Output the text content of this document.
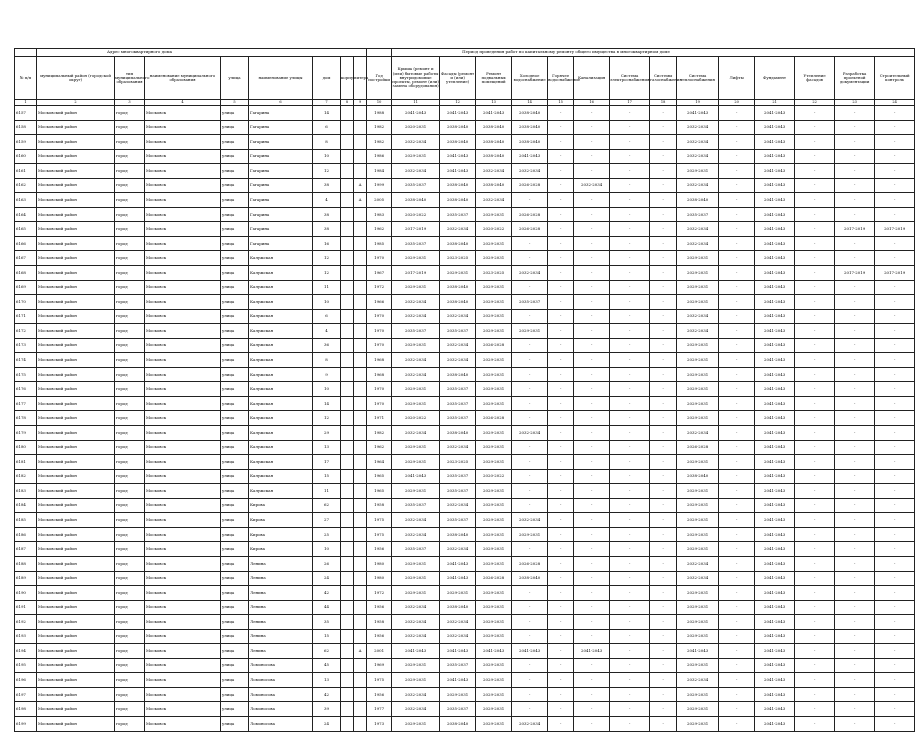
	Адрес многоквартирного дома									Период проведения работ по капитальному ремонту общего имущества в многоквартирном доме													
№ п/п	муниципальный район (городской округ)	тип муниципального образования	наименование муниципального образования	улица	наименование улицы	дом	корпус	литера	Год постройки	Крыша (ремонт и (или) бытовые работы внутридомовые проекты, ремонт (или) замена оборудования)	Фасады (ремонт и (или) утепление)	Ремонт подвальных помещений	Холодное водоснабжение	Горячее водоснабжение	Канализация	Система электроснабжения	Системы газоснабжения	Система теплоснабжения	Лифты	Фундамент	Утепление фасадов	Разработка проектной документации	Строительный контроль
1	2	3	4	5	6	7	8	9	10	11	12	13	14	15	16	17	18	19	20	21	22	23	24
6157	Московский район	город	Московск	улица	Гагарина	14			1988	2041-2043	2041-2043	2041-2043	2038-2040	-	-	-	-	2041-2043	-	2041-2043	-	-	-
6158	Московский район	город	Московск	улица	Гагарина	6			1982	2020-2031	2038-2040	2038-2040	2038-2040	-	-	-	-	2032-2034	-	2041-2043	-	-	-
6159	Московский район	город	Московск	улица	Гагарина	8			1982	2032-2034	2038-2040	2038-2040	2038-2040	-	-	-	-	2032-2034	-	2041-2043	-	-	-
6160	Московский район	город	Московск	улица	Гагарина	10			1986	2029-2031	2041-2043	2038-2040	2041-2043	-	-	-	-	2032-2034	-	2041-2043	-	-	-
6161	Московский район	город	Московск	улица	Гагарина	12			1984	2032-2034	2041-2043	2032-2034	2032-2034	-	-	-	-	2029-2031	-	2041-2043	-	-	-
6162	Московский район	город	Московск	улица	Гагарина	38		А	1999	2035-2037	2038-2040	2038-2040	2026-2028	-	2032-2034	-	-	2032-2034	-	2041-2043	-	-	-
6163	Московский район	город	Московск	улица	Гагарина	4		А	2005	2038-2040	2038-2040	2032-2034	-	-	-	-	-	2038-2040	-	2041-2043	-	-	-
6164	Московский район	город	Московск	улица	Гагарина	38			1983	2020-2022	2035-2037	2029-2031	2026-2028	-	-	-	-	2035-2037	-	2041-2043	-	-	-
6165	Московский район	город	Московск	улица	Гагарина	38			1962	2017-2019	2032-2034	2020-2022	2026-2028	-	-	-	-	2032-2034	-	2041-2043	-	2017-2019	2017-2019
6166	Московский район	город	Московск	улица	Гагарина	16			1985	2035-2037	2038-2040	2029-2031	-	-	-	-	-	2032-2034	-	2041-2043	-	-	-
6167	Московский район	город	Московск	улица	Калужская	12			1970	2029-2031	2023-2025	2029-2031	-	-	-	-	-	2029-2031	-	2041-2043	-	-	-
6168	Московский район	город	Московск	улица	Калужская	12			1967	2017-2019	2029-2031	2023-2025	2032-2034	-	-	-	-	2029-2031	-	2041-2043	-	2017-2019	2017-2019
6169	Московский район	город	Московск	улица	Калужская	11			1972	2029-2031	2038-2040	2029-2031	-	-	-	-	-	2029-2031	-	2041-2043	-	-	-
6170	Московский район	город	Московск	улица	Калужская	10			1966	2032-2034	2038-2040	2029-2031	2035-2037	-	-	-	-	2029-2031	-	2041-2043	-	-	-
6171	Московский район	город	Московск	улица	Калужская	6			1970	2032-2034	2032-2034	2029-2031	-	-	-	-	-	2032-2034	-	2041-2043	-	-	-
6172	Московский район	город	Московск	улица	Калужская	4			1970	2035-2037	2035-2037	2029-2031	2029-2031	-	-	-	-	2032-2034	-	2041-2043	-	-	-
6173	Московский район	город	Московск	улица	Калужская	36			1970	2029-2031	2032-2034	2026-2028	-	-	-	-	-	2029-2031	-	2041-2043	-	-	-
6174	Московский район	город	Московск	улица	Калужская	8			1968	2032-2034	2032-2034	2029-2031	-	-	-	-	-	2029-2031	-	2041-2043	-	-	-
6175	Московский район	город	Московск	улица	Калужская	9			1968	2032-2034	2038-2040	2029-2031	-	-	-	-	-	2029-2031	-	2041-2043	-	-	-
6176	Московский район	город	Московск	улица	Калужская	10			1970	2029-2031	2035-2037	2029-2031	-	-	-	-	-	2029-2031	-	2041-2043	-	-	-
6177	Московский район	город	Московск	улица	Калужская	14			1970	2029-2031	2035-2037	2029-2031	-	-	-	-	-	2029-2031	-	2041-2043	-	-	-
6178	Московский район	город	Московск	улица	Калужская	12			1971	2020-2022	2035-2037	2026-2028	-	-	-	-	-	2029-2031	-	2041-2043	-	-	-
6179	Московский район	город	Московск	улица	Калужская	29			1982	2032-2034	2038-2040	2029-2031	2032-2034	-	-	-	-	2032-2034	-	2041-2043	-	-	-
6180	Московский район	город	Московск	улица	Калужская	13			1962	2029-2031	2032-2034	2029-2031	-	-	-	-	-	2026-2028	-	2041-2043	-	-	-
6181	Московский район	город	Московск	улица	Калужская	17			1964	2029-2031	2023-2025	2029-2031	-	-	-	-	-	2029-2031	-	2041-2043	-	-	-
6182	Московский район	город	Московск	улица	Калужская	15			1965	2041-2043	2035-2037	2020-2022	-	-	-	-	-	2038-2040	-	2041-2043	-	-	-
6183	Московский район	город	Московск	улица	Калужская	11			1965	2029-2031	2035-2037	2029-2031	-	-	-	-	-	2029-2031	-	2041-2043	-	-	-
6184	Московский район	город	Московск	улица	Кирова	62			1958	2035-2037	2032-2034	2029-2031	-	-	-	-	-	2029-2031	-	2041-2043	-	-	-
6185	Московский район	город	Московск	улица	Кирова	27			1975	2032-2034	2035-2037	2029-2031	2032-2034	-	-	-	-	2029-2031	-	2041-2043	-	-	-
6186	Московский район	город	Московск	улица	Кирова	25			1975	2032-2034	2038-2040	2029-2031	2029-2031	-	-	-	-	2029-2031	-	2041-2043	-	-	-
6187	Московский район	город	Московск	улица	Кирова	10			1956	2035-2037	2032-2034	2029-2031	-	-	-	-	-	2029-2031	-	2041-2043	-	-	-
6188	Московский район	город	Московск	улица	Ленина	26			1980	2029-2031	2041-2043	2029-2031	2026-2028	-	-	-	-	2032-2034	-	2041-2043	-	-	-
6189	Московский район	город	Московск	улица	Ленина	24			1980	2029-2031	2041-2043	2026-2028	2038-2040	-	-	-	-	2032-2034	-	2041-2043	-	-	-
6190	Московский район	город	Московск	улица	Ленина	42			1972	2029-2031	2029-2031	2029-2031	-	-	-	-	-	2029-2031	-	2041-2043	-	-	-
6191	Московский район	город	Московск	улица	Ленина	44			1956	2032-2034	2038-2040	2029-2031	-	-	-	-	-	2029-2031	-	2041-2043	-	-	-
6192	Московский район	город	Московск	улица	Ленина	35			1958	2032-2034	2032-2034	2029-2031	-	-	-	-	-	2029-2031	-	2041-2043	-	-	-
6193	Московский район	город	Московск	улица	Ленина	15			1956	2032-2034	2032-2034	2029-2031	-	-	-	-	-	2029-2031	-	2041-2043	-	-	-
6194	Московский район	город	Московск	улица	Ленина	62		А	2001	2041-2043	2041-2043	2041-2043	2041-2043	-	2041-2043	-	-	2041-2043	-	2041-2043	-	-	-
6195	Московский район	город	Московск	улица	Ломоносова	45			1969	2029-2031	2035-2037	2029-2031	-	-	-	-	-	2029-2031	-	2041-2043	-	-	-
6196	Московский район	город	Московск	улица	Ломоносова	13			1975	2029-2031	2041-2043	2029-2031	-	-	-	-	-	2032-2034	-	2041-2043	-	-	-
6197	Московский район	город	Московск	улица	Ломоносова	42			1956	2032-2034	2029-2031	2029-2031	-	-	-	-	-	2029-2031	-	2041-2043	-	-	-
6198	Московский район	город	Московск	улица	Ломоносова	39			1977	2032-2034	2035-2037	2029-2031	-	-	-	-	-	2029-2031	-	2041-2043	-	-	-
6199	Московский район	город	Московск	улица	Ломоносова	24			1973	2029-2031	2038-2040	2029-2031	2032-2034	-	-	-	-	2029-2031	-	2041-2043	-	-	-
